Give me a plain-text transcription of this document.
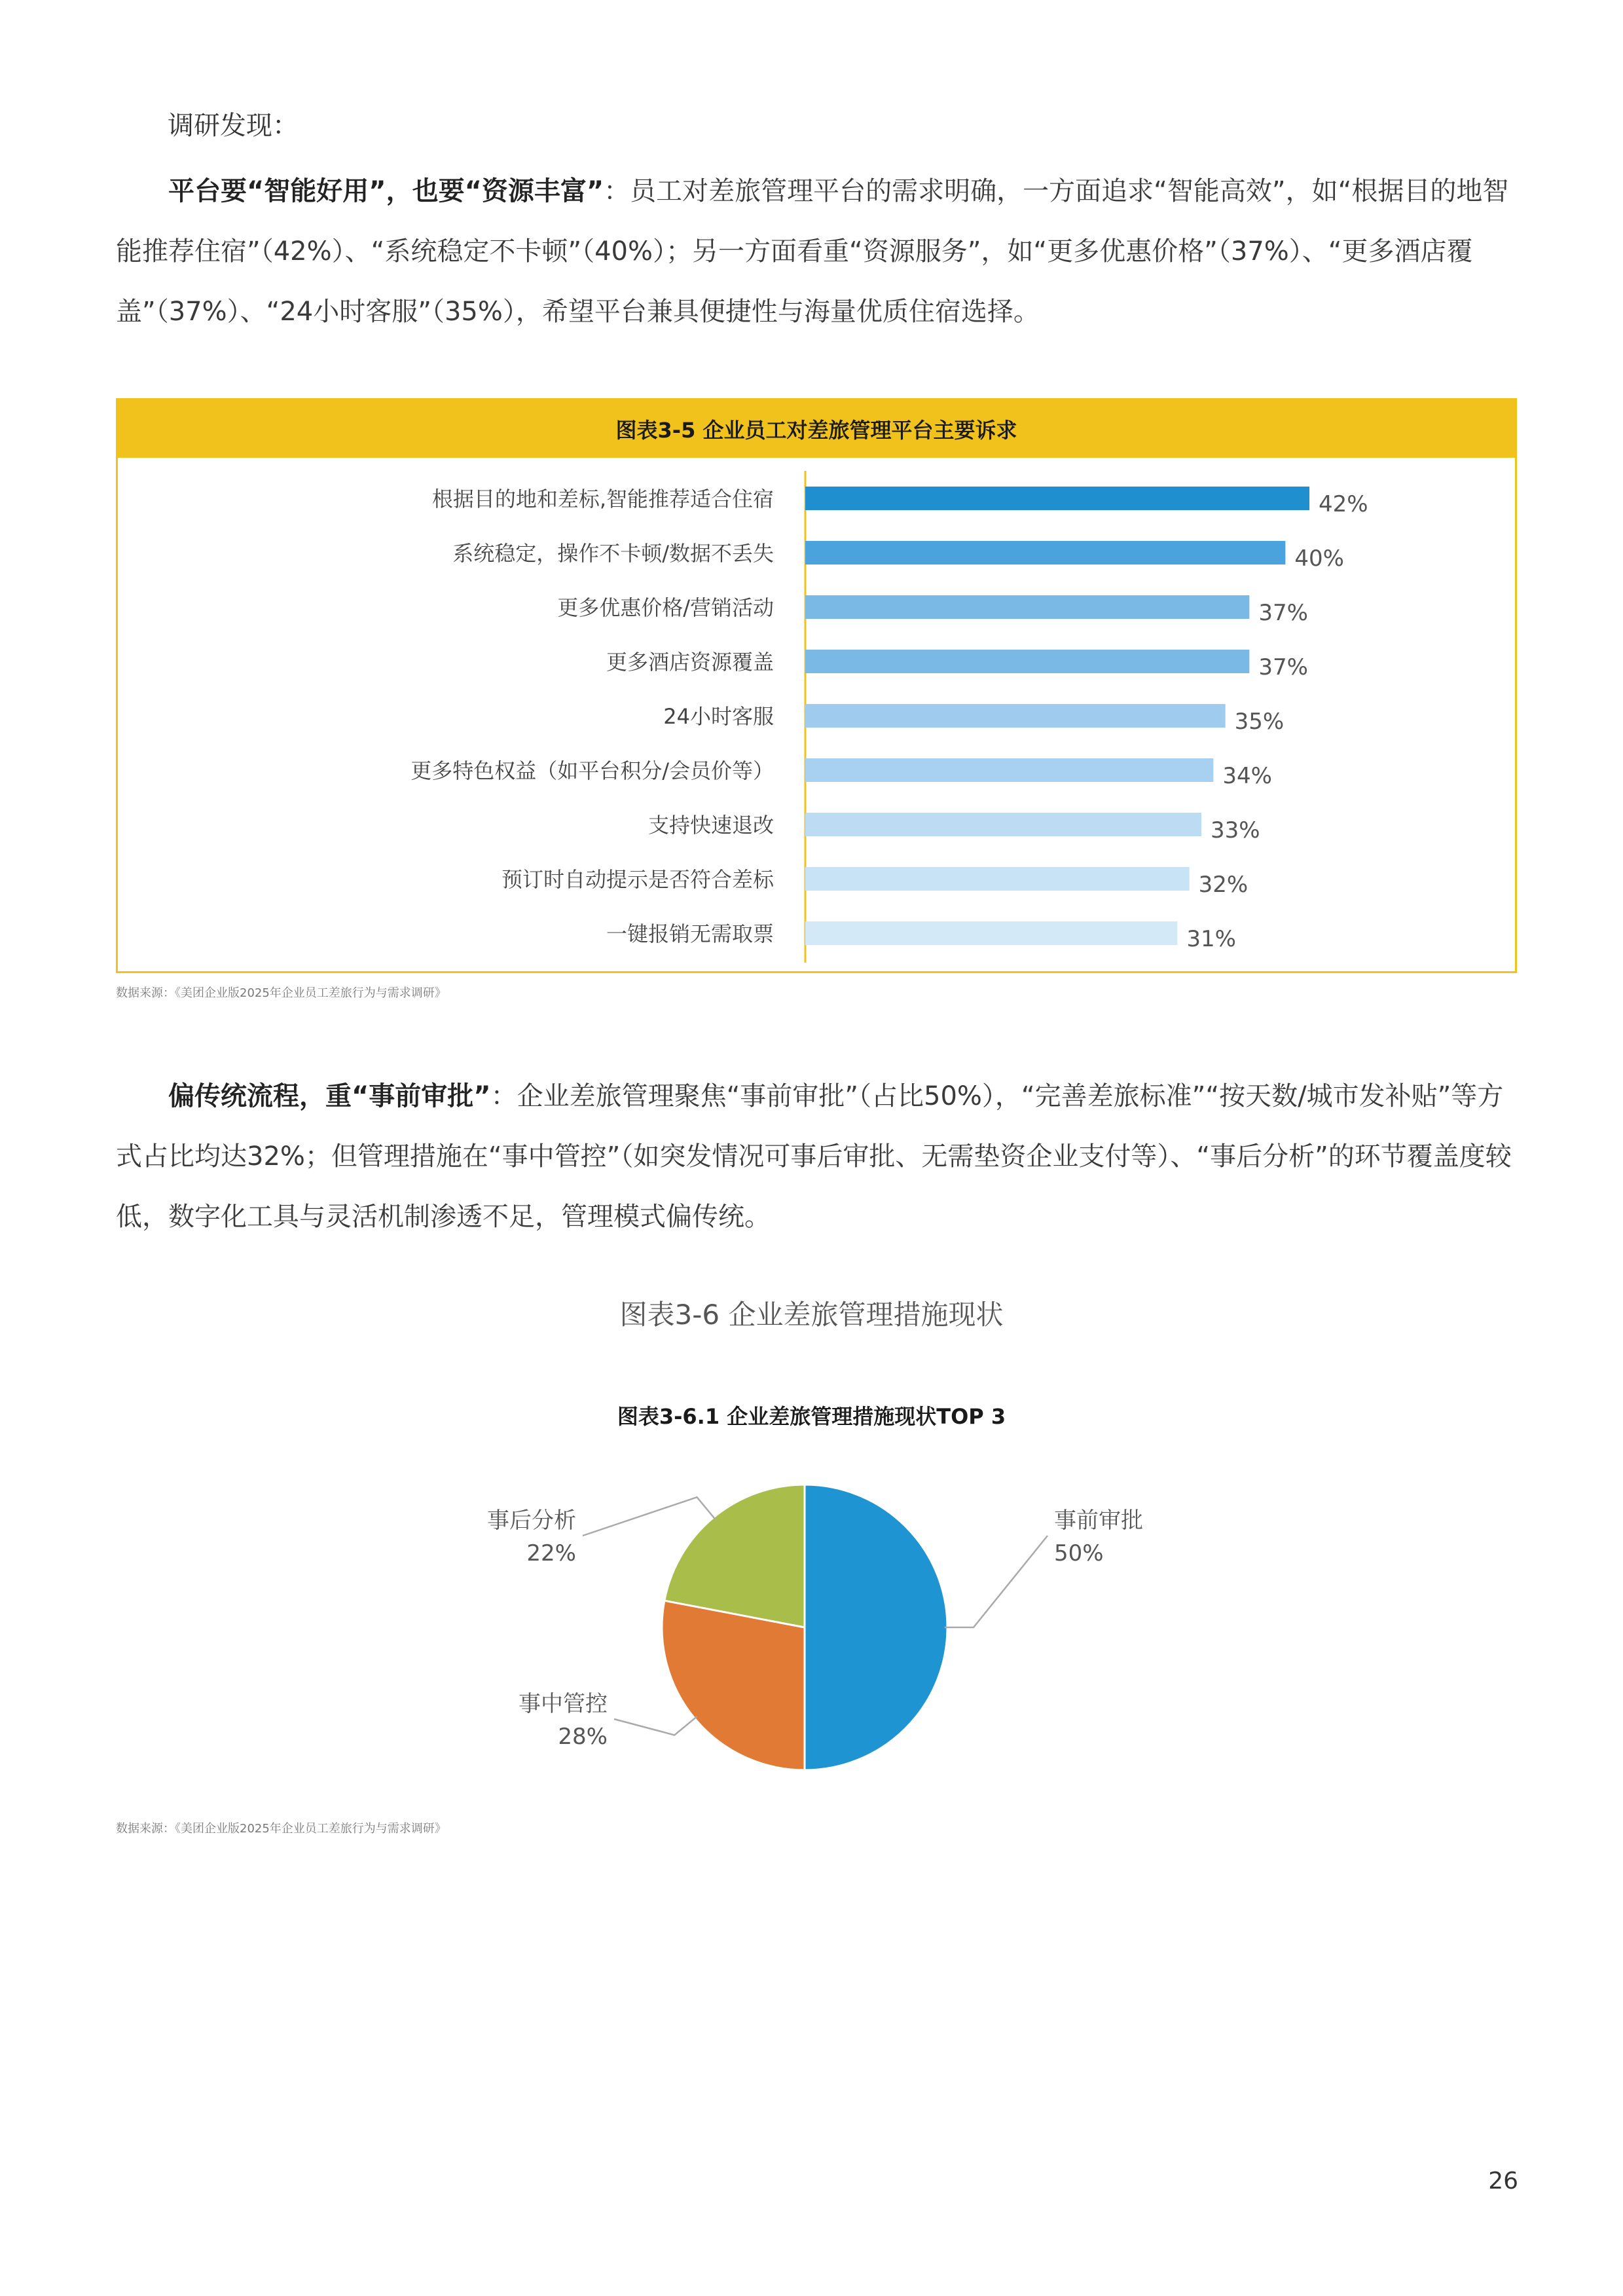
调研发现：

平台要“智能好用”，也要“资源丰富”：员工对差旅管理平台的需求明确，一方面追求“智能高效”，如“根据目的地智能推荐住宿”（42%）、“系统稳定不卡顿”（40%）；另一方面看重“资源服务”，如“更多优惠价格”（37%）、“更多酒店覆盖”（37%）、“24小时客服”（35%），希望平台兼具便捷性与海量优质住宿选择。

图表3-5 企业员工对差旅管理平台主要诉求
根据目的地和差标,智能推荐适合住宿	42%
系统稳定，操作不卡顿/数据不丢失	40%
更多优惠价格/营销活动	37%
更多酒店资源覆盖	37%
24小时客服	35%
更多特色权益（如平台积分/会员价等）	34%
支持快速退改	33%
预订时自动提示是否符合差标	32%
一键报销无需取票	31%
数据来源：《美团企业版2025年企业员工差旅行为与需求调研》

偏传统流程，重“事前审批”：企业差旅管理聚焦“事前审批”（占比50%），“完善差旅标准”“按天数/城市发补贴”等方式占比均达32%；但管理措施在“事中管控”（如突发情况可事后审批、无需垫资企业支付等）、“事后分析”的环节覆盖度较低，数字化工具与灵活机制渗透不足，管理模式偏传统。

图表3-6 企业差旅管理措施现状
图表3-6.1 企业差旅管理措施现状TOP 3
事前审批
50%
事中管控
28%
事后分析
22%
数据来源：《美团企业版2025年企业员工差旅行为与需求调研》
26
